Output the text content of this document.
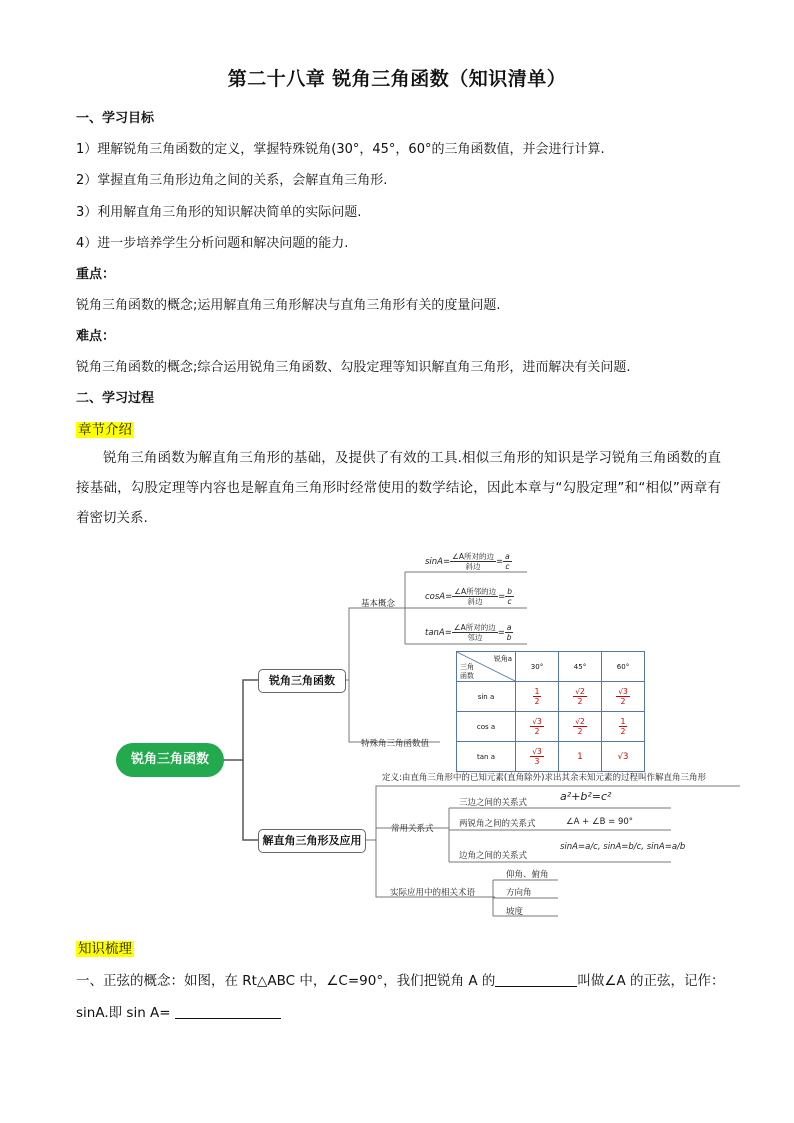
第二十八章 锐角三角函数（知识清单）
一、学习目标
1）理解锐角三角函数的定义，掌握特殊锐角(30°，45°，60°的三角函数值，并会进行计算.
2）掌握直角三角形边角之间的关系，会解直角三角形.
3）利用解直角三角形的知识解决简单的实际问题.
4）进一步培养学生分析问题和解决问题的能力.
重点：
锐角三角函数的概念;运用解直角三角形解决与直角三角形有关的度量问题.
难点：
锐角三角函数的概念;综合运用锐角三角函数、勾股定理等知识解直角三角形，进而解决有关问题.
二、学习过程
章节介绍
锐角三角函数为解直角三角形的基础，及提供了有效的工具.相似三角形的知识是学习锐角三角函数的直接基础，勾股定理等内容也是解直角三角形时经常使用的数学结论，因此本章与“勾股定理”和“相似”两章有着密切关系.
锐角三角函数
锐角三角函数
解直角三角形及应用
基本概念
特殊角三角函数值
$\sin A= \frac{\text{∠A所对的边}}{\text{斜边}} = \frac{a}{c}$
$\cos A= \frac{\text{∠A所邻的边}}{\text{斜边}} = \frac{b}{c}$
$\tan A= \frac{\text{∠A所对的边}}{\text{邻边}} = \frac{a}{b}$
锐角a
三角
函数	30°	45°	60°
sin a	$\frac{1}{2}$	$\frac{√2}{2}$	$\frac{√3}{2}$

cos a	$\frac{√3}{2}$	$\frac{√2}{2}$	$\frac{1}{2}$

tan a	$\frac{√3}{3}$	1	√3
定义:由直角三角形中的已知元素(直角除外)求出其余未知元素的过程叫作解直角三角形
常用关系式
三边之间的关系式	a²+b²=c²
两锐角之间的关系式	∠A + ∠B = 90°
边角之间的关系式
sinA=a/c, sinA=b/c, sinA=a/b
实际应用中的相关术语
仰角、俯角
方向角
坡度
知识梳理
一、正弦的概念：如图，在 Rt△ABC 中，∠C=90°，我们把锐角 A 的	叫做∠A 的正弦，记作：
sinA.即 sin A=
